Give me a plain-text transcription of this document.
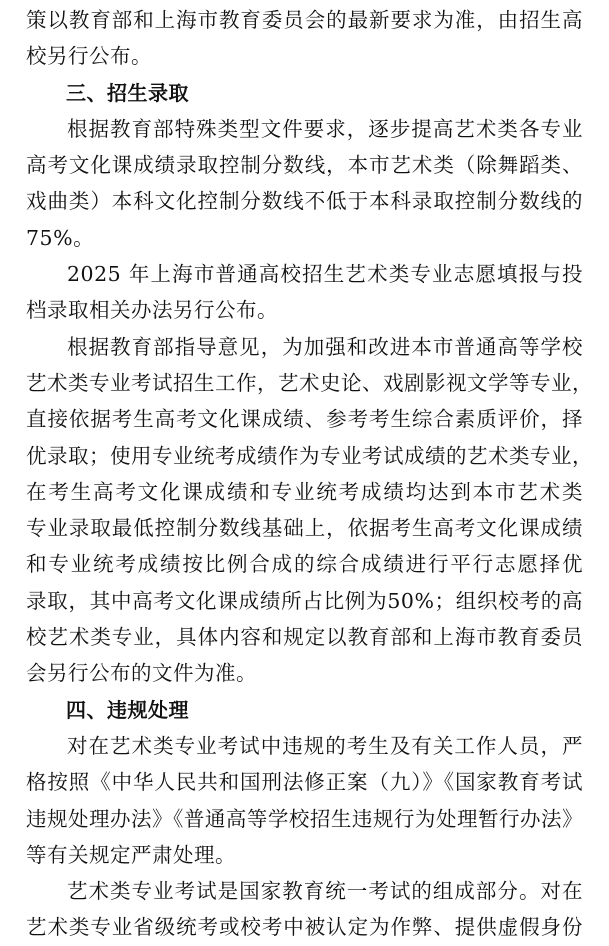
策以教育部和上海市教育委员会的最新要求为准，由招生高
校另行公布。
三、招生录取
根据教育部特殊类型文件要求，逐步提高艺术类各专业
高考文化课成绩录取控制分数线，本市艺术类（除舞蹈类、
戏曲类）本科文化控制分数线不低于本科录取控制分数线的
75%。
2025 年上海市普通高校招生艺术类专业志愿填报与投
档录取相关办法另行公布。
根据教育部指导意见，为加强和改进本市普通高等学校
艺术类专业考试招生工作，艺术史论、戏剧影视文学等专业，
直接依据考生高考文化课成绩、参考考生综合素质评价，择
优录取；使用专业统考成绩作为专业考试成绩的艺术类专业，
在考生高考文化课成绩和专业统考成绩均达到本市艺术类
专业录取最低控制分数线基础上，依据考生高考文化课成绩
和专业统考成绩按比例合成的综合成绩进行平行志愿择优
录取，其中高考文化课成绩所占比例为50%；组织校考的高
校艺术类专业，具体内容和规定以教育部和上海市教育委员
会另行公布的文件为准。
四、违规处理
对在艺术类专业考试中违规的考生及有关工作人员，严
格按照《中华人民共和国刑法修正案（九）》《国家教育考试
违规处理办法》《普通高等学校招生违规行为处理暂行办法》
等有关规定严肃处理。
艺术类专业考试是国家教育统一考试的组成部分。对在
艺术类专业省级统考或校考中被认定为作弊、提供虚假身份
